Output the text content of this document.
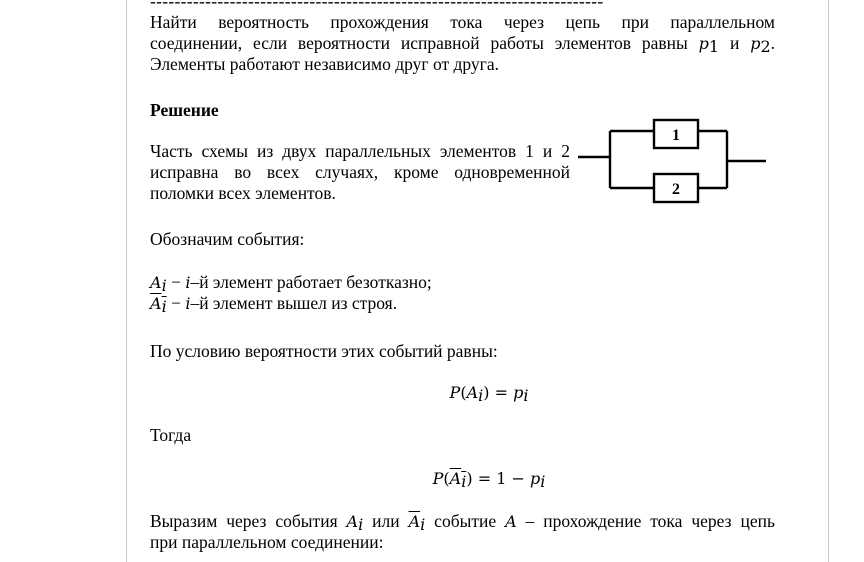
--------------------------------------------------------------------------
Найти вероятность прохождения тока через цепь при параллельном
соединении, если вероятности исправной работы элементов равны $p_1$ и $p_2$.
Элементы работают независимо друг от друга.
Решение
Часть схемы из двух параллельных элементов 1 и 2
исправна во всех случаях, кроме одновременной
поломки всех элементов.
1
2
Обозначим события:
$A_i - i-й$ элемент работает безотказно;
$A_i - i-й$ элемент вышел из строя.
По условию вероятности этих событий равны:
$P(A_i) = p_i$
Тогда
$P(A_i) = 1 - p_i$
Выразим через события $A_i$ или $\overline{A}_i$ событие A – прохождение тока через цепь
при параллельном соединении:
